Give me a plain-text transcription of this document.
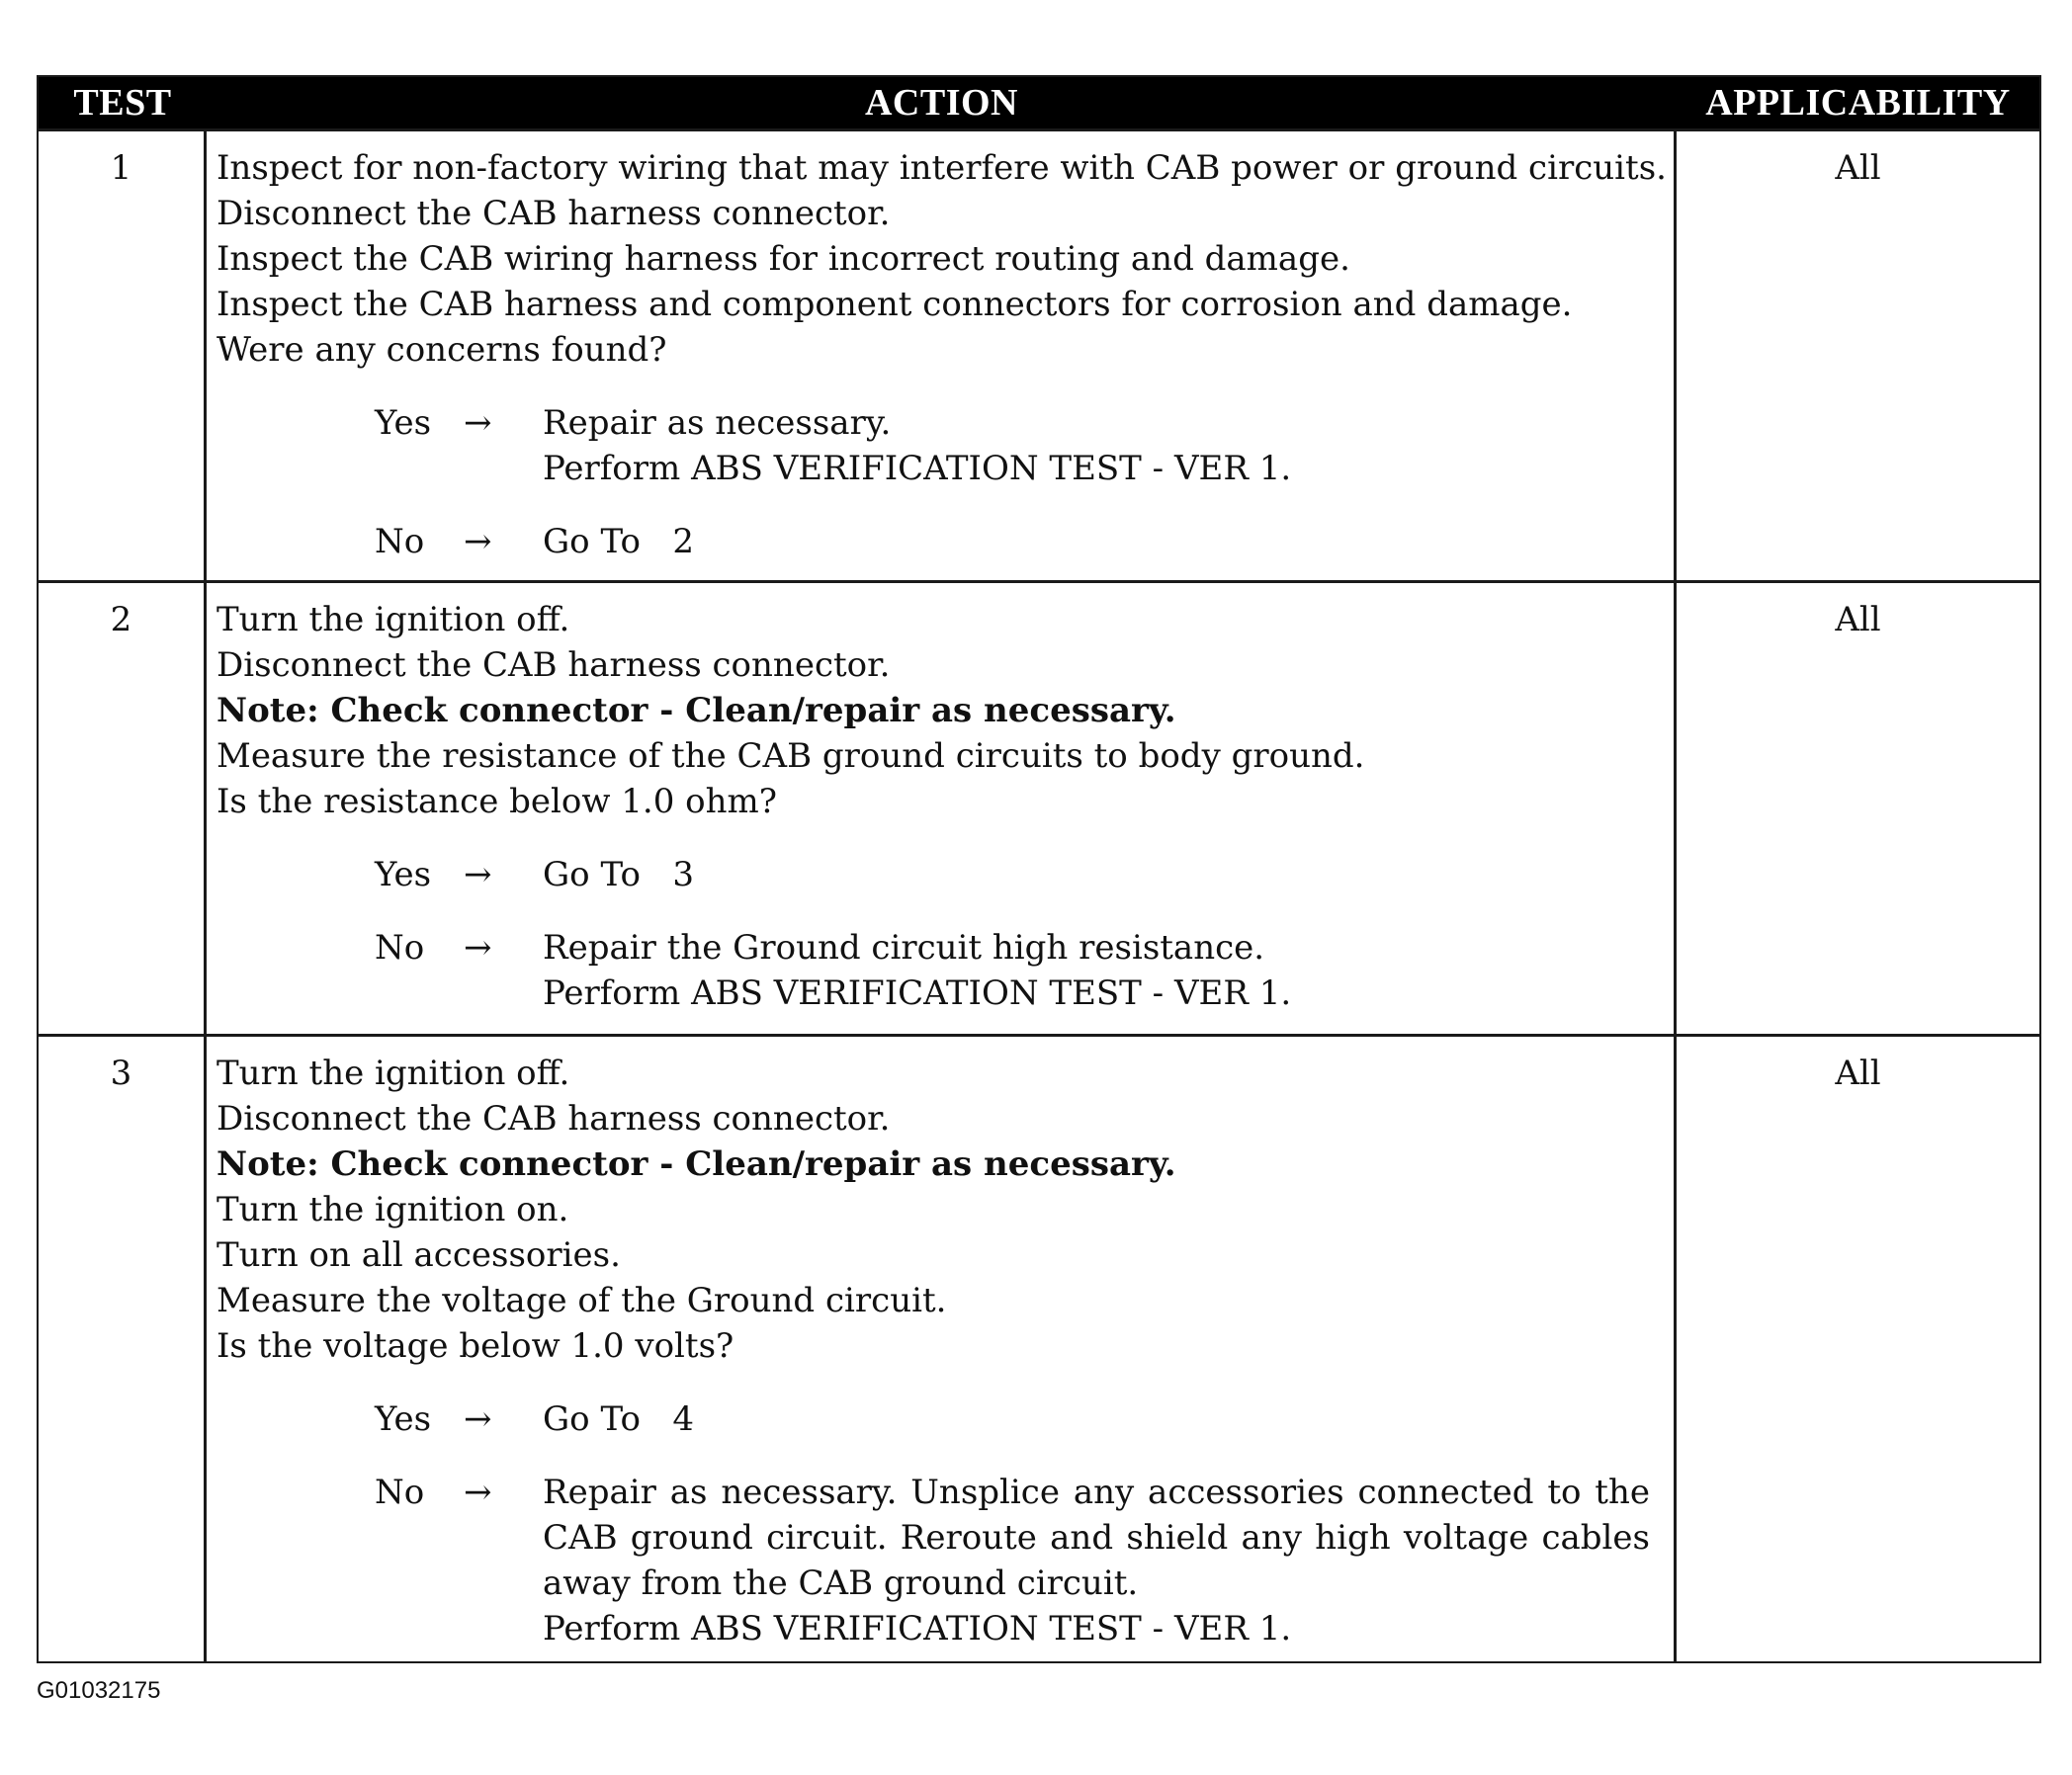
TEST	ACTION	APPLICABILITY
1	Inspect for non-factory wiring that may interfere with CAB power or ground circuits.
Disconnect the CAB harness connector.
Inspect the CAB wiring harness for incorrect routing and damage.
Inspect the CAB harness and component connectors for corrosion and damage.
Were any concerns found?
Yes →	Repair as necessary.
Perform ABS VERIFICATION TEST - VER 1.
No	→	Go To   2
All
2	Turn the ignition off.
Disconnect the CAB harness connector.
Note: Check connector - Clean/repair as necessary.
Measure the resistance of the CAB ground circuits to body ground.
Is the resistance below 1.0 ohm?
Yes →	Go To   3
No	→	Repair the Ground circuit high resistance.
Perform ABS VERIFICATION TEST - VER 1.
All
3	Turn the ignition off.
Disconnect the CAB harness connector.
Note: Check connector - Clean/repair as necessary.
Turn the ignition on.
Turn on all accessories.
Measure the voltage of the Ground circuit.
Is the voltage below 1.0 volts?
Yes →	Go To   4
No	→	Repair as necessary. Unsplice any accessories connected to the
CAB ground circuit. Reroute and shield any high voltage cables
away from the CAB ground circuit.
Perform ABS VERIFICATION TEST - VER 1.
All
G01032175
